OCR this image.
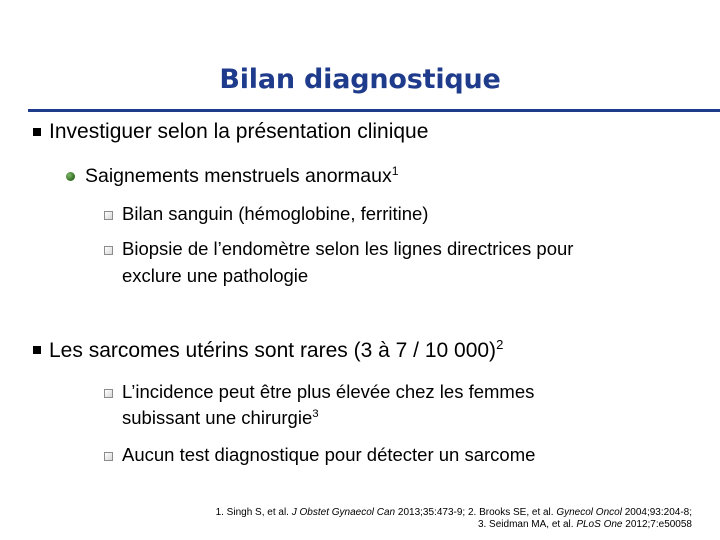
Bilan diagnostique
Investiguer selon la présentation clinique
Saignements menstruels anormaux$^1$
Bilan sanguin (hémoglobine, ferritine)
Biopsie de l’endomètre selon les lignes directrices pour
exclure une pathologie
Les sarcomes utérins sont rares (3 à 7 / 10 000)$^2$
L’incidence peut être plus élevée chez les femmes
subissant une chirurgie$^3$
Aucun test diagnostique pour détecter un sarcome
1. Singh S, et al. J Obstet Gynaecol Can 2013;35:473-9; 2. Brooks SE, et al. Gynecol Oncol 2004;93:204-8;
3. Seidman MA, et al. PLoS One 2012;7:e50058
